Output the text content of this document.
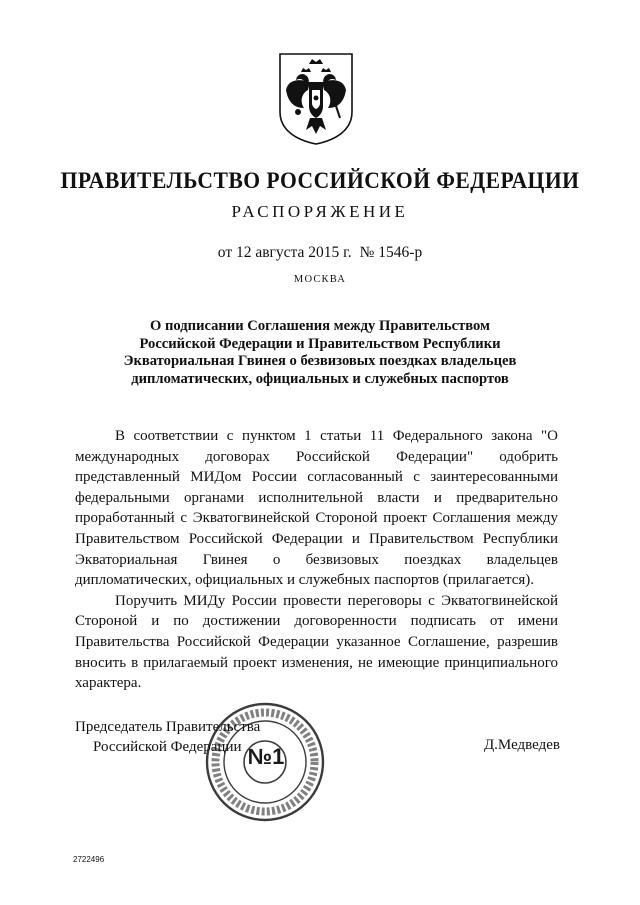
ПРАВИТЕЛЬСТВО РОССИЙСКОЙ ФЕДЕРАЦИИ
РАСПОРЯЖЕНИЕ
от 12 августа 2015 г. № 1546-р
МОСКВА
О подписании Соглашения между Правительством
Российской Федерации и Правительством Республики
Экваториальная Гвинея о безвизовых поездках владельцев
дипломатических, официальных и служебных паспортов

В соответствии с пунктом 1 статьи 11 Федерального закона "О международных договорах Российской Федерации" одобрить представленный МИДом России согласованный с заинтересованными федеральными органами исполнительной власти и предварительно проработанный с Экватогвинейской Стороной проект Соглашения между Правительством Российской Федерации и Правительством Республики Экваториальная Гвинея о безвизовых поездках владельцев дипломатических, официальных и служебных паспортов (прилагается).

Поручить МИДу России провести переговоры с Экватогвинейской Стороной и по достижении договоренности подписать от имени Правительства Российской Федерации указанное Соглашение, разрешив вносить в прилагаемый проект изменения, не имеющие принципиального характера.

Председатель Правительства
Российской Федерации	Д.Медведев
№1
2722496
